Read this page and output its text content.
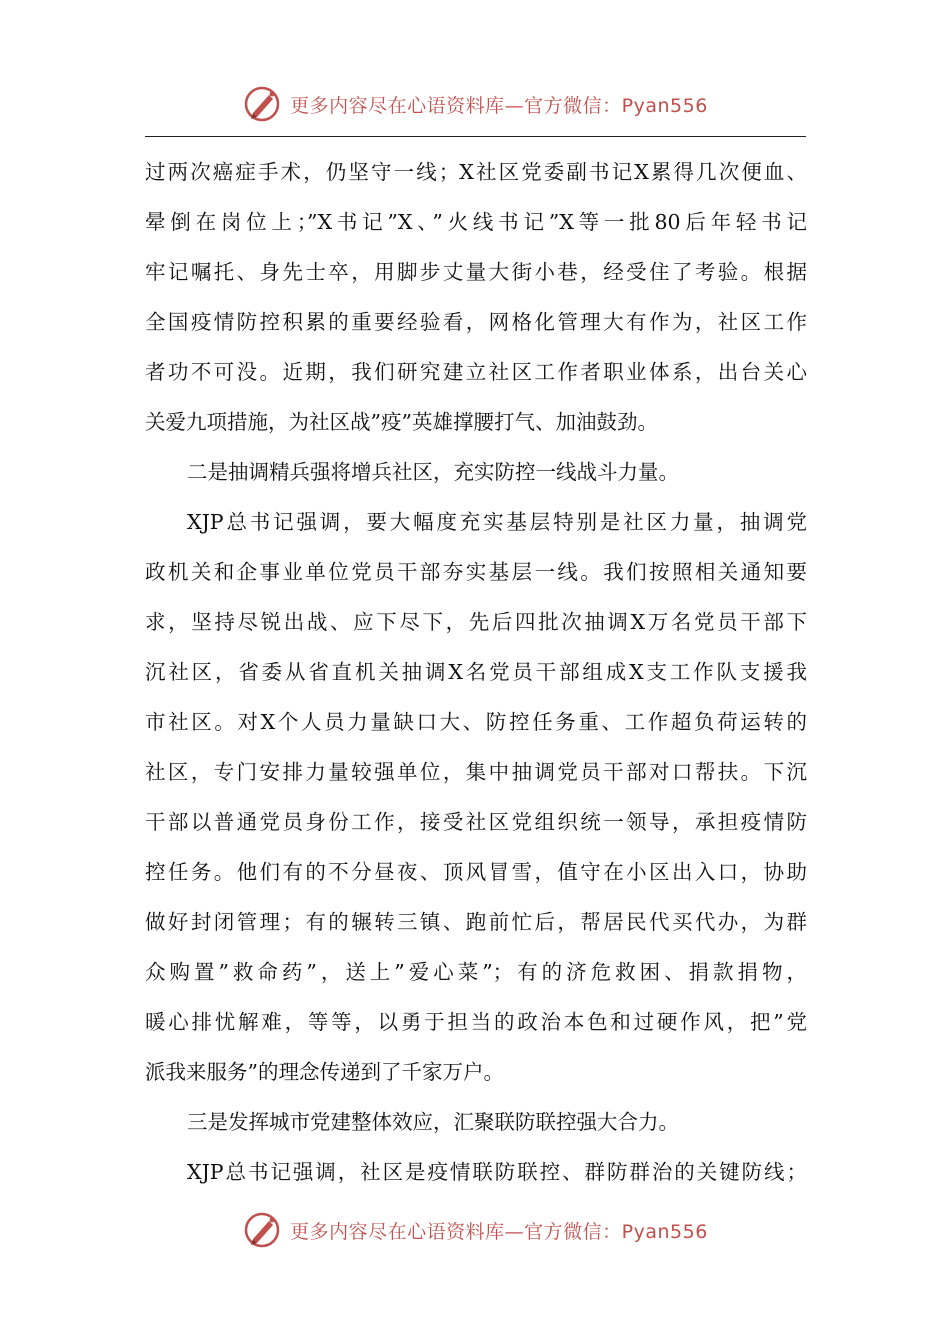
更多内容尽在心语资料库—官方微信：Pyan556
过两次癌症手术，仍坚守一线；X社区党委副书记X累得几次便血、
晕倒在岗位上；”X书记”X、”火线书记”X等一批80后年轻书记
牢记嘱托、身先士卒，用脚步丈量大街小巷，经受住了考验。根据
全国疫情防控积累的重要经验看，网格化管理大有作为，社区工作
者功不可没。近期，我们研究建立社区工作者职业体系，出台关心
关爱九项措施，为社区战”疫”英雄撑腰打气、加油鼓劲。
二是抽调精兵强将增兵社区，充实防控一线战斗力量。
XJP总书记强调，要大幅度充实基层特别是社区力量，抽调党
政机关和企事业单位党员干部夯实基层一线。我们按照相关通知要
求，坚持尽锐出战、应下尽下，先后四批次抽调X万名党员干部下
沉社区，省委从省直机关抽调X名党员干部组成X支工作队支援我
市社区。对X个人员力量缺口大、防控任务重、工作超负荷运转的
社区，专门安排力量较强单位，集中抽调党员干部对口帮扶。下沉
干部以普通党员身份工作，接受社区党组织统一领导，承担疫情防
控任务。他们有的不分昼夜、顶风冒雪，值守在小区出入口，协助
做好封闭管理；有的辗转三镇、跑前忙后，帮居民代买代办，为群
众购置”救命药”，送上”爱心菜”；有的济危救困、捐款捐物，
暖心排忧解难，等等，以勇于担当的政治本色和过硬作风，把”党
派我来服务”的理念传递到了千家万户。
三是发挥城市党建整体效应，汇聚联防联控强大合力。
XJP总书记强调，社区是疫情联防联控、群防群治的关键防线；
更多内容尽在心语资料库—官方微信：Pyan556
